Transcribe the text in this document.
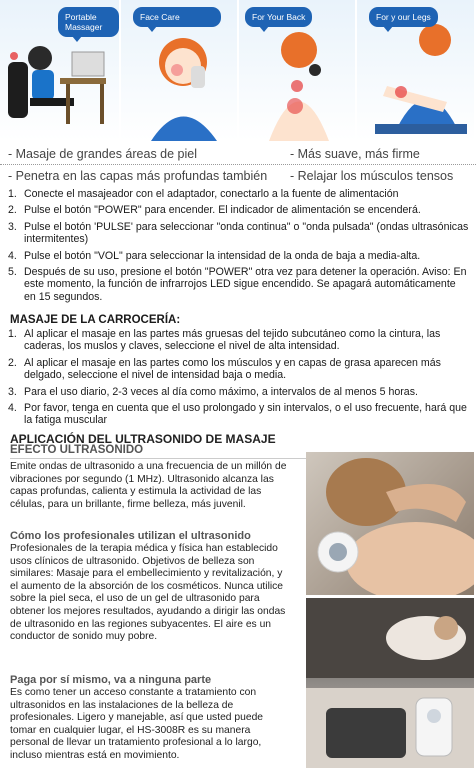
Portable Massager
Face Care	For Your Back	For y our Legs
- Masaje de grandes áreas de piel	- Más suave, más firme
- Penetra en las capas más profundas también - Relajar los músculos tensos
1. Conecte el masajeador con el adaptador, conectarlo a la fuente de alimentación
2. Pulse el botón "POWER" para encender. El indicador de alimentación se encenderá.
3. Pulse el botón 'PULSE' para seleccionar "onda continua" o "onda pulsada" (ondas ultrasónicas intermitentes)
4. Pulse el botón "VOL" para seleccionar la intensidad de la onda de baja a media-alta.
5. Después de su uso, presione el botón "POWER" otra vez para detener la operación. Aviso: En este momento, la función de infrarrojos LED sigue encendido. Se apagará automáticamente en 15 segundos.
MASAJE DE LA CARROCERÍA:
1. Al aplicar el masaje en las partes más gruesas del tejido subcutáneo como la cintura, las caderas, los muslos y claves, seleccione el nivel de alta intensidad.
2. Al aplicar el masaje en las partes como los músculos y en capas de grasa aparecen más delgado, seleccione el nivel de intensidad baja o media.
3. Para el uso diario, 2-3 veces al día como máximo, a intervalos de al menos 5 horas.
4. Por favor, tenga en cuenta que el uso prolongado y sin intervalos, o el uso frecuente, hará que la fatiga muscular
APLICACIÓN DEL ULTRASONIDO DE MASAJE
EFECTO ULTRASONIDO

Emite ondas de ultrasonido a una frecuencia de un millón de vibraciones por segundo (1 MHz). Ultrasonido alcanza las capas profundas, calienta y estimula la actividad de las células, para un brillante, firme belleza, más juvenil.

Cómo los profesionales utilizan el ultrasonido

Profesionales de la terapia médica y física han establecido usos clínicos de ultrasonido. Objetivos de belleza son similares: Masaje para el embellecimiento y revitalización, y el aumento de la absorción de los cosméticos. Nunca utilice sobre la piel seca, el uso de un gel de ultrasonido para obtener los mejores resultados, ayudando a dirigir las ondas de ultrasonido en las regiones subyacentes. El aire es un conductor de sonido muy pobre.

Paga por sí mismo, va a ninguna parte

Es como tener un acceso constante a tratamiento con ultrasonidos en las instalaciones de la belleza de profesionales. Ligero y manejable, así que usted puede tomar en cualquier lugar, el HS-3008R es su manera personal de llevar un tratamiento profesional a lo largo, incluso mientras está en movimiento.
